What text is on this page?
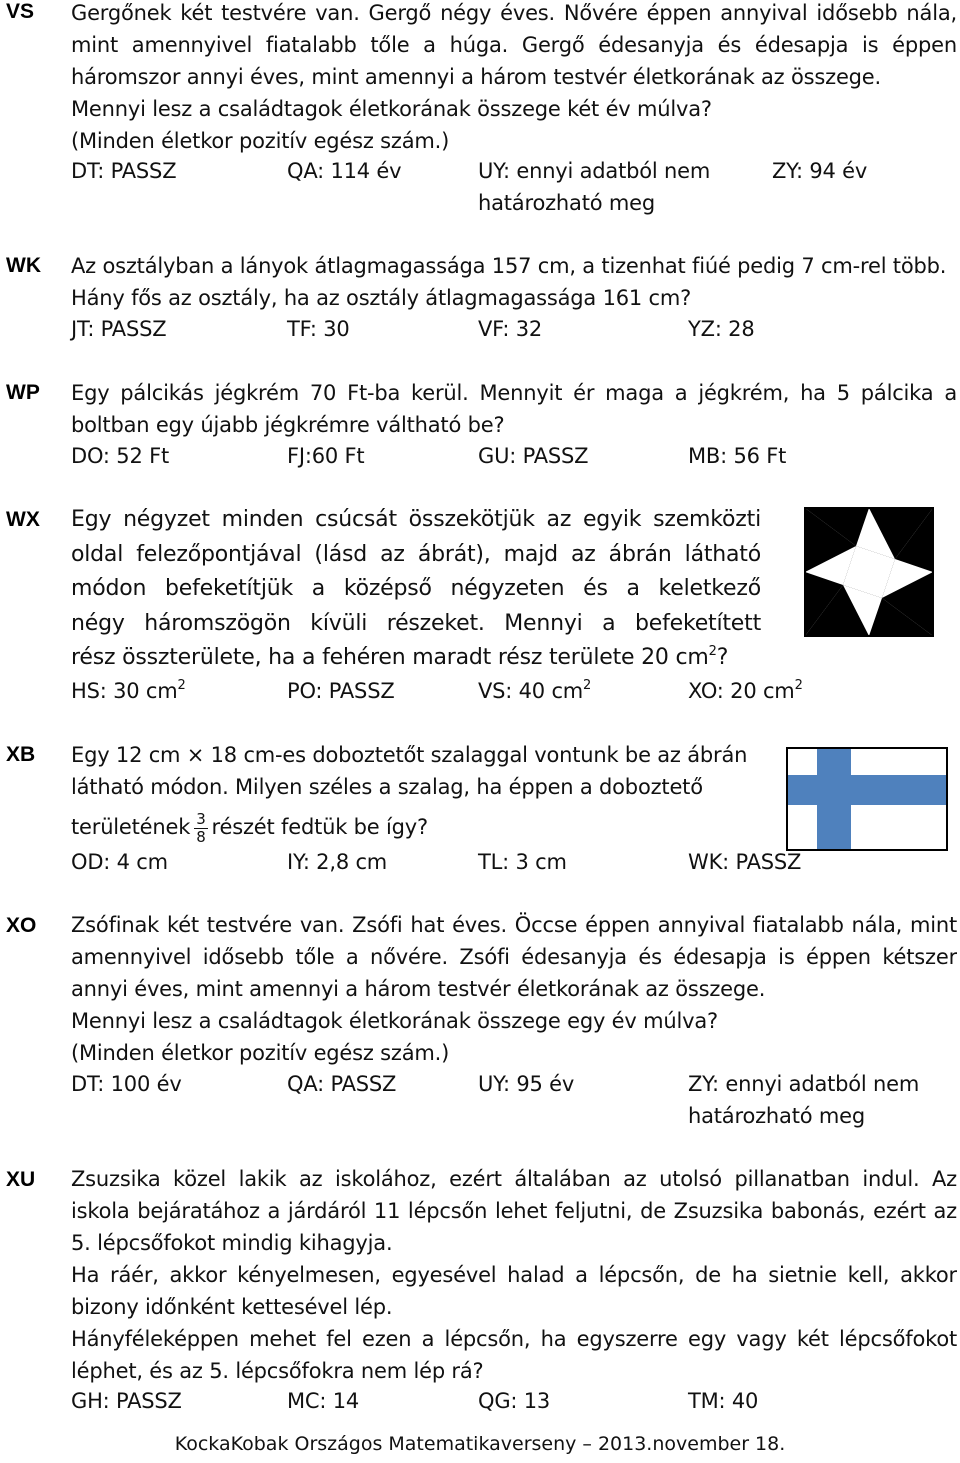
VS Gergőnek két testvére van. Gergő négy éves. Nővére éppen annyival idősebb nála,
mint amennyivel fiatalabb tőle a húga. Gergő édesanyja és édesapja is éppen
háromszor annyi éves, mint amennyi a három testvér életkorának az összege.
Mennyi lesz a családtagok életkorának összege két év múlva?
(Minden életkor pozitív egész szám.)
DT: PASSZ	QA: 114 év	UY: ennyi adatból nem	ZY: 94 év
határozható meg
WK Az osztályban a lányok átlagmagassága 157 cm, a tizenhat fiúé pedig 7 cm-rel több.
Hány fős az osztály, ha az osztály átlagmagassága 161 cm?
JT: PASSZ	TF: 30	VF: 32	YZ: 28
WP Egy pálcikás jégkrém 70 Ft-ba kerül. Mennyit ér maga a jégkrém, ha 5 pálcika a
boltban egy újabb jégkrémre váltható be?
DO: 52 Ft	FJ:60 Ft	GU: PASSZ	MB: 56 Ft
WX Egy négyzet minden csúcsát összekötjük az egyik szemközti
oldal felezőpontjával (lásd az ábrát), majd az ábrán látható
módon befeketítjük a középső négyzeten és a keletkező
négy háromszögön kívüli részeket. Mennyi a befeketített
rész összterülete, ha a fehéren maradt rész területe 20 $cm^2$?
HS: 30 $cm^2$	PO: PASSZ	VS: 40 $cm^2$	XO: 20 $cm^2$
XB Egy 12 cm × 18 cm-es doboztetőt szalaggal vontunk be az ábrán
látható módon. Milyen széles a szalag, ha éppen a doboztető
területének $\frac{3}{8}$ részét fedtük be így?
OD: 4 cm	IY: 2,8 cm	TL: 3 cm	WK: PASSZ
XO Zsófinak két testvére van. Zsófi hat éves. Öccse éppen annyival fiatalabb nála, mint
amennyivel idősebb tőle a nővére. Zsófi édesanyja és édesapja is éppen kétszer
annyi éves, mint amennyi a három testvér életkorának az összege.
Mennyi lesz a családtagok életkorának összege egy év múlva?
(Minden életkor pozitív egész szám.)
DT: 100 év	QA: PASSZ	UY: 95 év	ZY: ennyi adatból nem
határozható meg
XU Zsuzsika közel lakik az iskolához, ezért általában az utolsó pillanatban indul. Az
iskola bejáratához a járdáról 11 lépcsőn lehet feljutni, de Zsuzsika babonás, ezért az
5. lépcsőfokot mindig kihagyja.
Ha ráér, akkor kényelmesen, egyesével halad a lépcsőn, de ha sietnie kell, akkor
bizony időnként kettesével lép.
Hányféleképpen mehet fel ezen a lépcsőn, ha egyszerre egy vagy két lépcsőfokot
léphet, és az 5. lépcsőfokra nem lép rá?
GH: PASSZ	MC: 14	QG: 13	TM: 40
KockaKobak Országos Matematikaverseny – 2013.november 18.
